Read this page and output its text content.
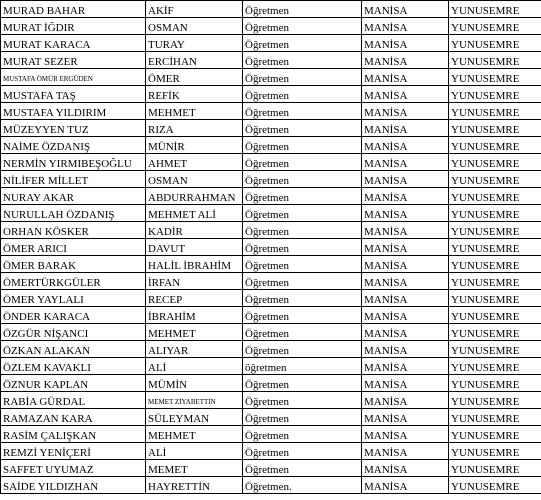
MURAD BAHAR	AKİF	Öğretmen	MANİSA	YUNUSEMRE
MURAT İĞDIR	OSMAN	Öğretmen	MANİSA	YUNUSEMRE
MURAT KARACA	TURAY	Öğretmen	MANİSA	YUNUSEMRE
MURAT SEZER	ERCİHAN	Öğretmen	MANİSA	YUNUSEMRE
MUSTAFA ÖMÜR ERGÜDEN	ÖMER	Öğretmen	MANİSA	YUNUSEMRE
MUSTAFA TAŞ	REFİK	Öğretmen	MANİSA	YUNUSEMRE
MUSTAFA YILDIRIM	MEHMET	Öğretmen	MANİSA	YUNUSEMRE
MÜZEYYEN TUZ	RIZA	Öğretmen	MANİSA	YUNUSEMRE
NAİME ÖZDANIŞ	MÜNİR	Öğretmen	MANİSA	YUNUSEMRE
NERMİN YIRMIBEŞOĞLU	AHMET	Öğretmen	MANİSA	YUNUSEMRE
NİLİFER MİLLET	OSMAN	Öğretmen	MANİSA	YUNUSEMRE
NURAY AKAR	ABDURRAHMAN	Öğretmen	MANİSA	YUNUSEMRE
NURULLAH ÖZDANIŞ	MEHMET ALİ	Öğretmen	MANİSA	YUNUSEMRE
ORHAN KÖSKER	KADİR	Öğretmen	MANİSA	YUNUSEMRE
ÖMER ARICI	DAVUT	Öğretmen	MANİSA	YUNUSEMRE
ÖMER BARAK	HALİL İBRAHİM	Öğretmen	MANİSA	YUNUSEMRE
ÖMERTÜRKGÜLER	İRFAN	Öğretmen	MANİSA	YUNUSEMRE
ÖMER YAYLALI	RECEP	Öğretmen	MANİSA	YUNUSEMRE
ÖNDER KARACA	İBRAHİM	Öğretmen	MANİSA	YUNUSEMRE
ÖZGÜR NİŞANCI	MEHMET	Öğretmen	MANİSA	YUNUSEMRE
ÖZKAN ALAKAN	ALIYAR	Öğretmen	MANİSA	YUNUSEMRE
ÖZLEM KAVAKLI	ALİ	öğretmen	MANİSA	YUNUSEMRE
ÖZNUR KAPLAN	MÜMİN	Öğretmen	MANİSA	YUNUSEMRE
RABİA GÜRDAL	MEMET ZİYABETTİN	Öğretmen	MANİSA	YUNUSEMRE
RAMAZAN KARA	SÜLEYMAN	Öğretmen	MANİSA	YUNUSEMRE
RASİM ÇALIŞKAN	MEHMET	Öğretmen	MANİSA	YUNUSEMRE
REMZİ YENİÇERİ	ALİ	Öğretmen	MANİSA	YUNUSEMRE
SAFFET UYUMAZ	MEMET	Öğretmen	MANİSA	YUNUSEMRE
SAİDE YILDIZHAN	HAYRETTİN	Öğretmen.	MANİSA	YUNUSEMRE
